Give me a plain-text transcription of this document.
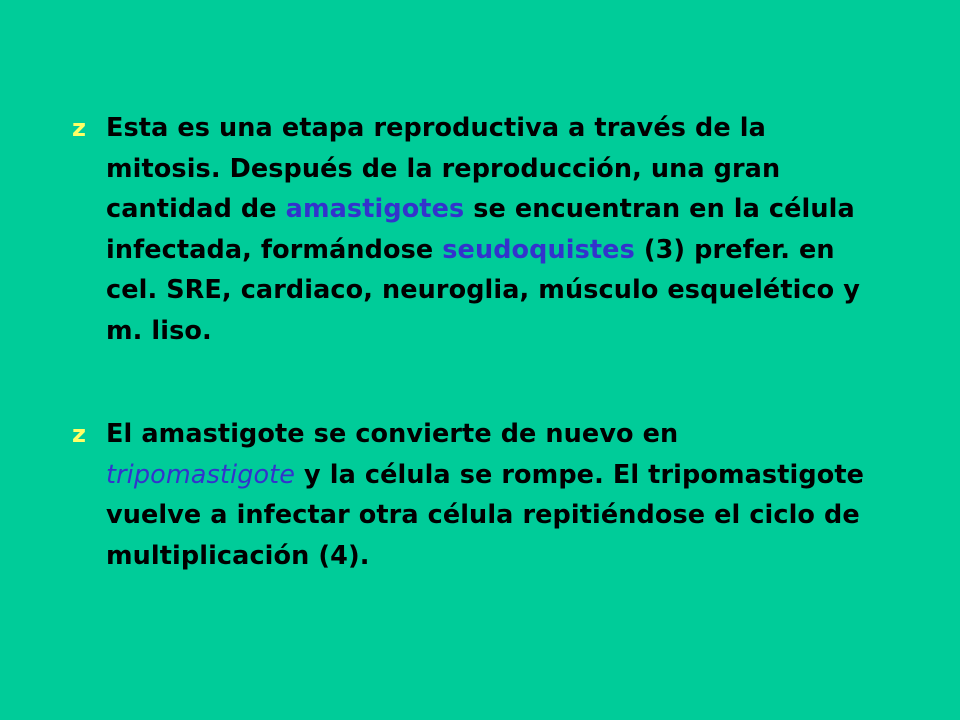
z Esta es una etapa reproductiva a través de la mitosis. Después de la reproducción, una gran cantidad de amastigotes se encuentran en la célula infectada, formándose seudoquistes (3) prefer. en cel. SRE, cardiaco, neuroglia, músculo esquelético y m. liso.
z El amastigote se convierte de nuevo en tripomastigote y la célula se rompe. El tripomastigote vuelve a infectar otra célula repitiéndose el ciclo de multiplicación (4).
